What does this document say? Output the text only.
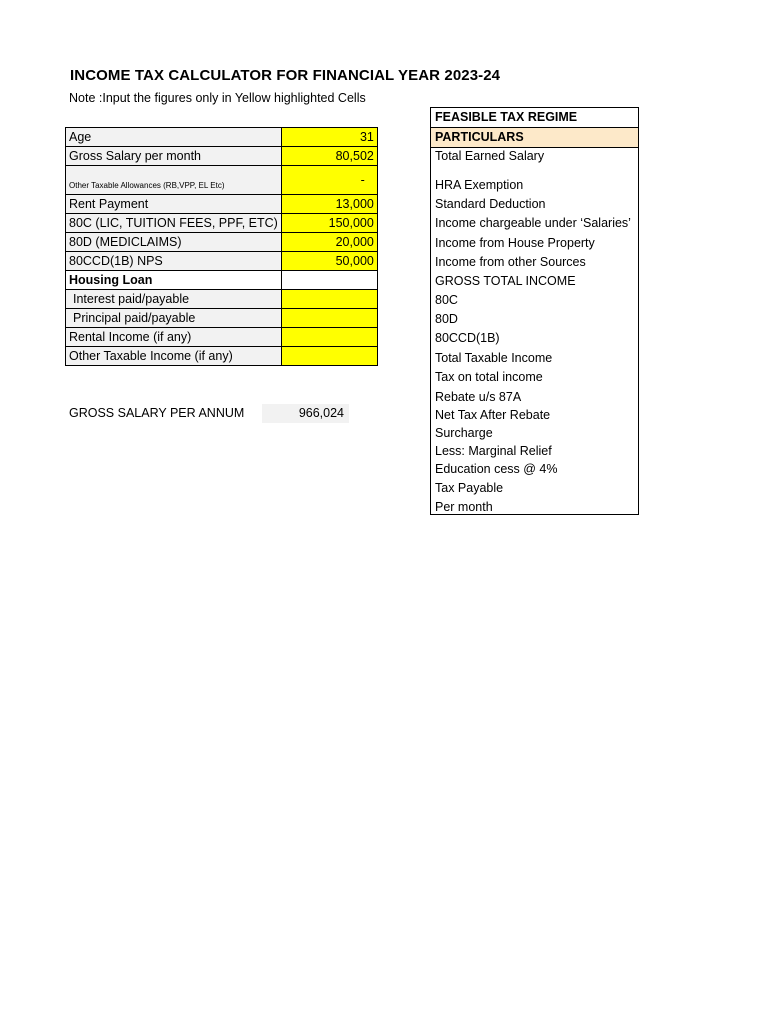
INCOME TAX CALCULATOR FOR FINANCIAL YEAR 2023-24
Note :Input the figures only in Yellow highlighted Cells
Age	31
Gross Salary per month	80,502
Other Taxable Allowances (RB,VPP, EL Etc)	-
Rent Payment	13,000
80C (LIC, TUITION FEES, PPF, ETC)	150,000
80D (MEDICLAIMS)	20,000
80CCD(1B) NPS	50,000
Housing Loan	
Interest paid/payable	
Principal paid/payable	
Rental Income (if any)	
Other Taxable Income (if any)	
GROSS SALARY PER ANNUM	966,024
FEASIBLE TAX REGIME
PARTICULARS
Total Earned Salary
HRA Exemption
Standard Deduction
Income chargeable under ‘Salaries’
Income from House Property
Income from other Sources
GROSS TOTAL INCOME
80C
80D
80CCD(1B)
Total Taxable Income
Tax on total income
Rebate u/s 87A
Net Tax After Rebate
Surcharge
Less: Marginal Relief
Education cess @ 4%
Tax Payable
Per month
